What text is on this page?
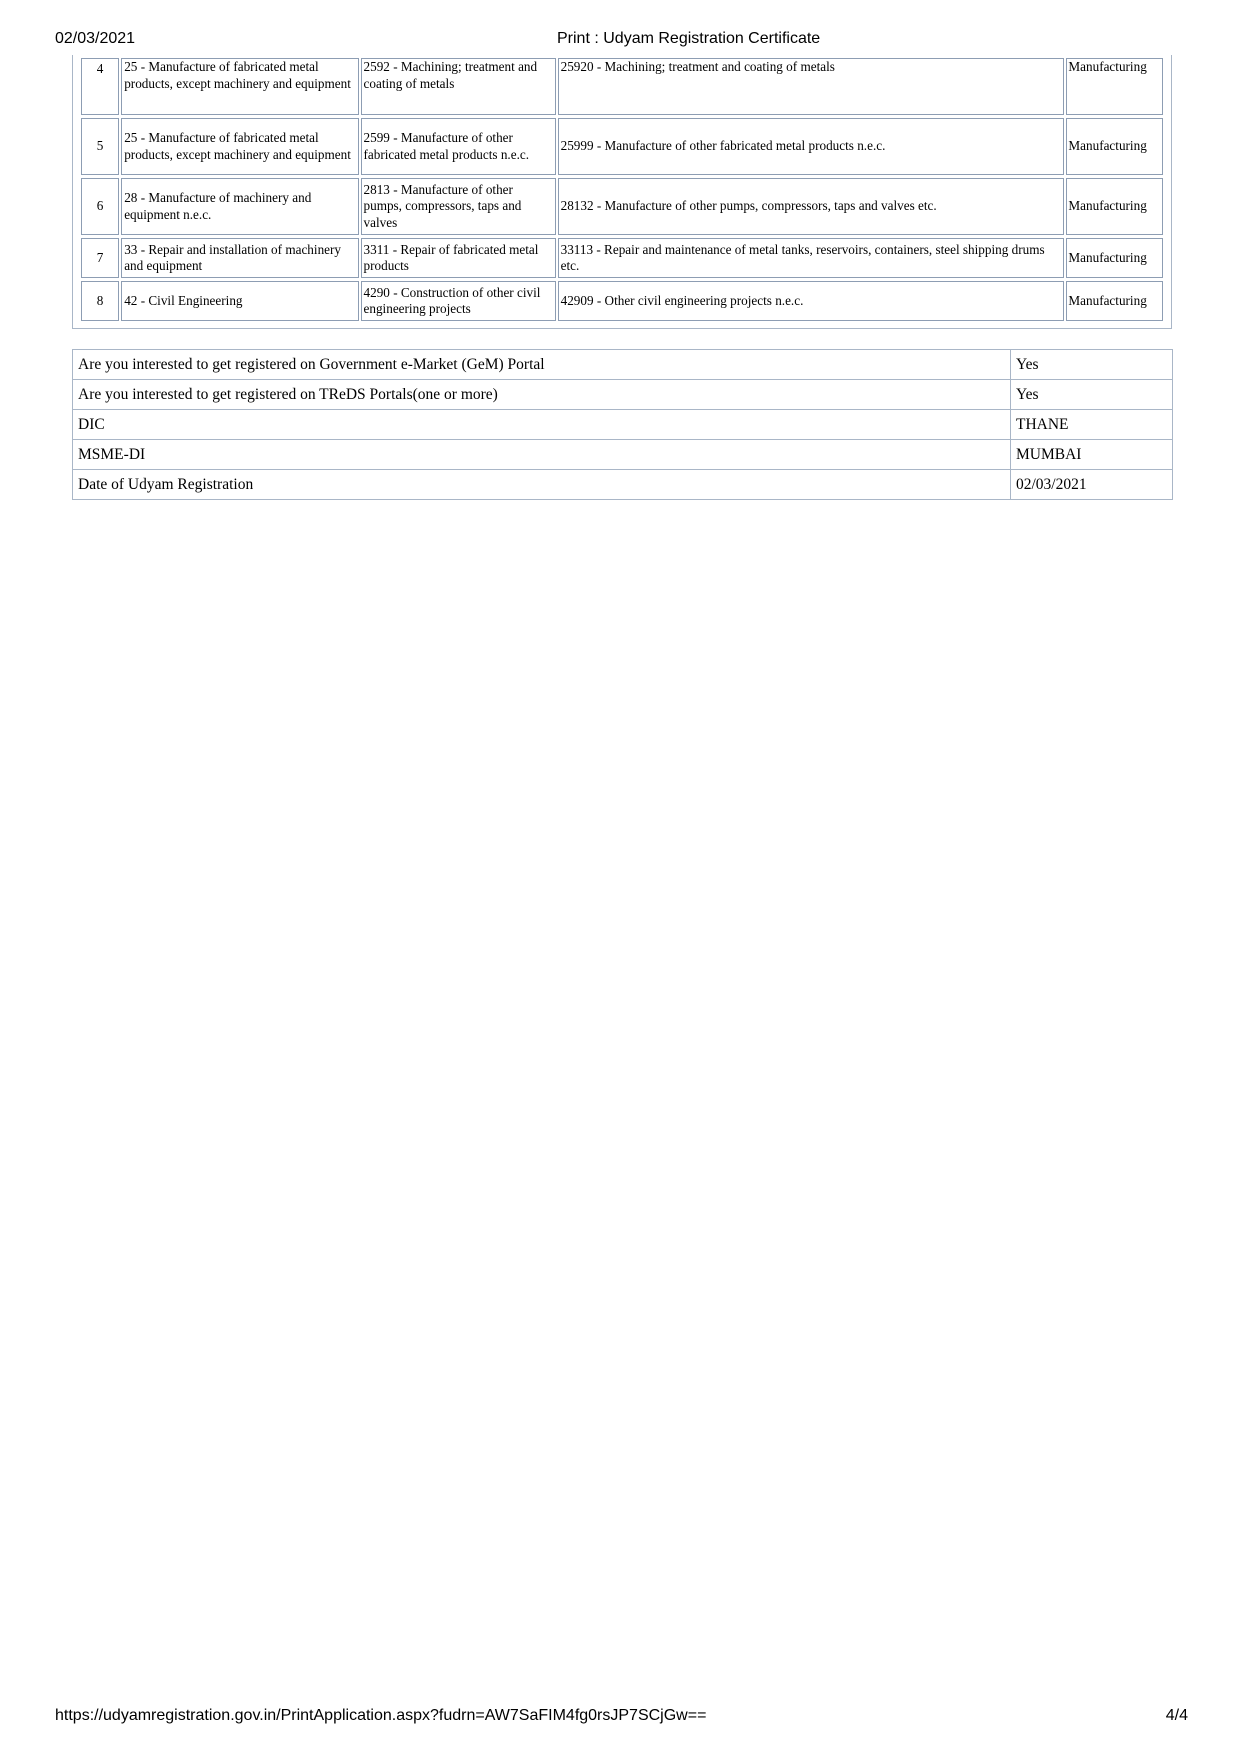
02/03/2021	Print : Udyam Registration Certificate
4	25 - Manufacture of fabricated metal products, except machinery and equipment	2592 - Machining; treatment and coating of metals	25920 - Machining; treatment and coating of metals	Manufacturing
5	25 - Manufacture of fabricated metal products, except machinery and equipment	2599 - Manufacture of other fabricated metal products n.e.c.	25999 - Manufacture of other fabricated metal products n.e.c.	Manufacturing
6	28 - Manufacture of machinery and equipment n.e.c.	2813 - Manufacture of other pumps, compressors, taps and valves	28132 - Manufacture of other pumps, compressors, taps and valves etc.	Manufacturing
7	33 - Repair and installation of machinery and equipment	3311 - Repair of fabricated metal products	33113 - Repair and maintenance of metal tanks, reservoirs, containers, steel shipping drums etc.	Manufacturing
8	42 - Civil Engineering	4290 - Construction of other civil engineering projects	42909 - Other civil engineering projects n.e.c.	Manufacturing
Are you interested to get registered on Government e-Market (GeM) Portal	Yes
Are you interested to get registered on TReDS Portals(one or more)	Yes
DIC	THANE
MSME-DI	MUMBAI
Date of Udyam Registration	02/03/2021
https://udyamregistration.gov.in/PrintApplication.aspx?fudrn=AW7SaFIM4fg0rsJP7SCjGw==	4/4
